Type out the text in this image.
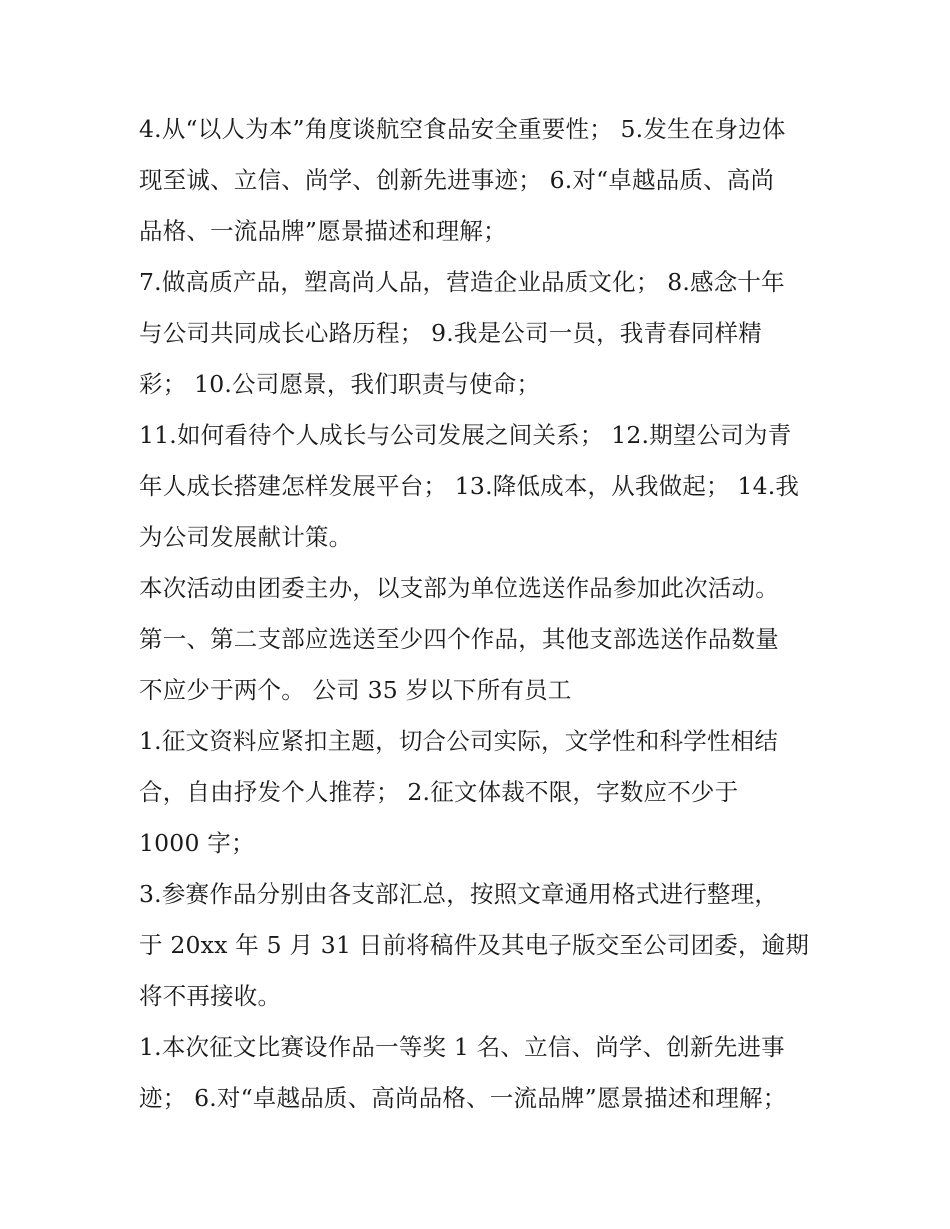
4.从“以人为本”角度谈航空食品安全重要性； 5.发生在身边体
现至诚、立信、尚学、创新先进事迹； 6.对“卓越品质、高尚
品格、一流品牌”愿景描述和理解；
7.做高质产品，塑高尚人品，营造企业品质文化； 8.感念十年
与公司共同成长心路历程； 9.我是公司一员，我青春同样精
彩； 10.公司愿景，我们职责与使命；
11.如何看待个人成长与公司发展之间关系； 12.期望公司为青
年人成长搭建怎样发展平台； 13.降低成本，从我做起； 14.我
为公司发展献计策。
本次活动由团委主办，以支部为单位选送作品参加此次活动。
第一、第二支部应选送至少四个作品，其他支部选送作品数量
不应少于两个。 公司 35 岁以下所有员工
1.征文资料应紧扣主题，切合公司实际，文学性和科学性相结
合，自由抒发个人推荐； 2.征文体裁不限，字数应不少于
1000 字；
3.参赛作品分别由各支部汇总，按照文章通用格式进行整理，
于 20xx 年 5 月 31 日前将稿件及其电子版交至公司团委，逾期
将不再接收。
1.本次征文比赛设作品一等奖 1 名、立信、尚学、创新先进事
迹； 6.对“卓越品质、高尚品格、一流品牌”愿景描述和理解；
